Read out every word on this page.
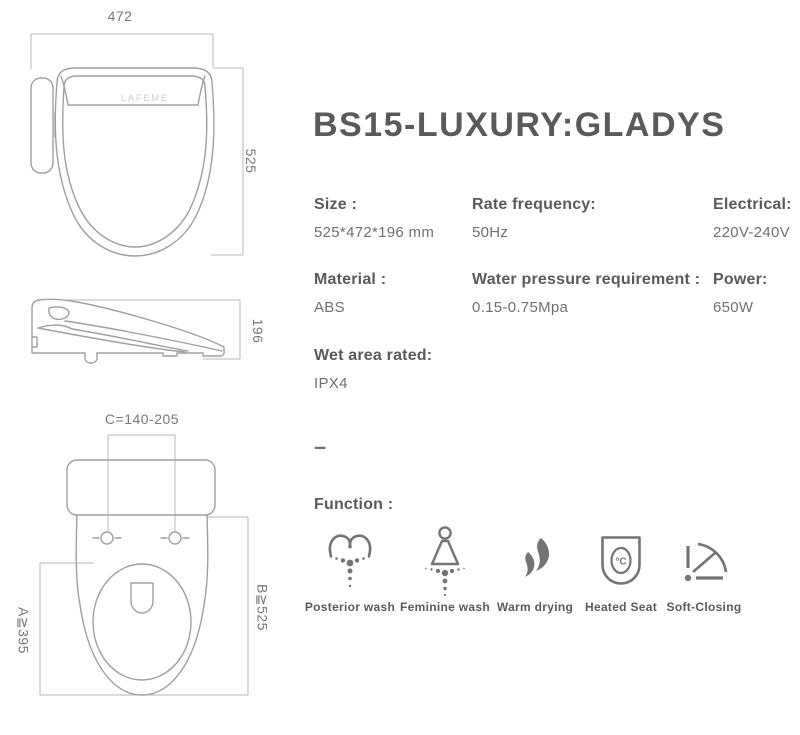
472
525
LAFEME
196
C=140-205
A≧395	B≧525
BS15-LUXURY:GLADYS
Size :
525*472*196 mm
Rate frequency:
50Hz
Electrical:
220V-240V
Material :
ABS
Water pressure requirement :
0.15-0.75Mpa
Power:
650W
Wet area rated:
IPX4
–
Function :
Posterior wash Feminine wash Warm drying
°C
Heated Seat Soft-Closing
